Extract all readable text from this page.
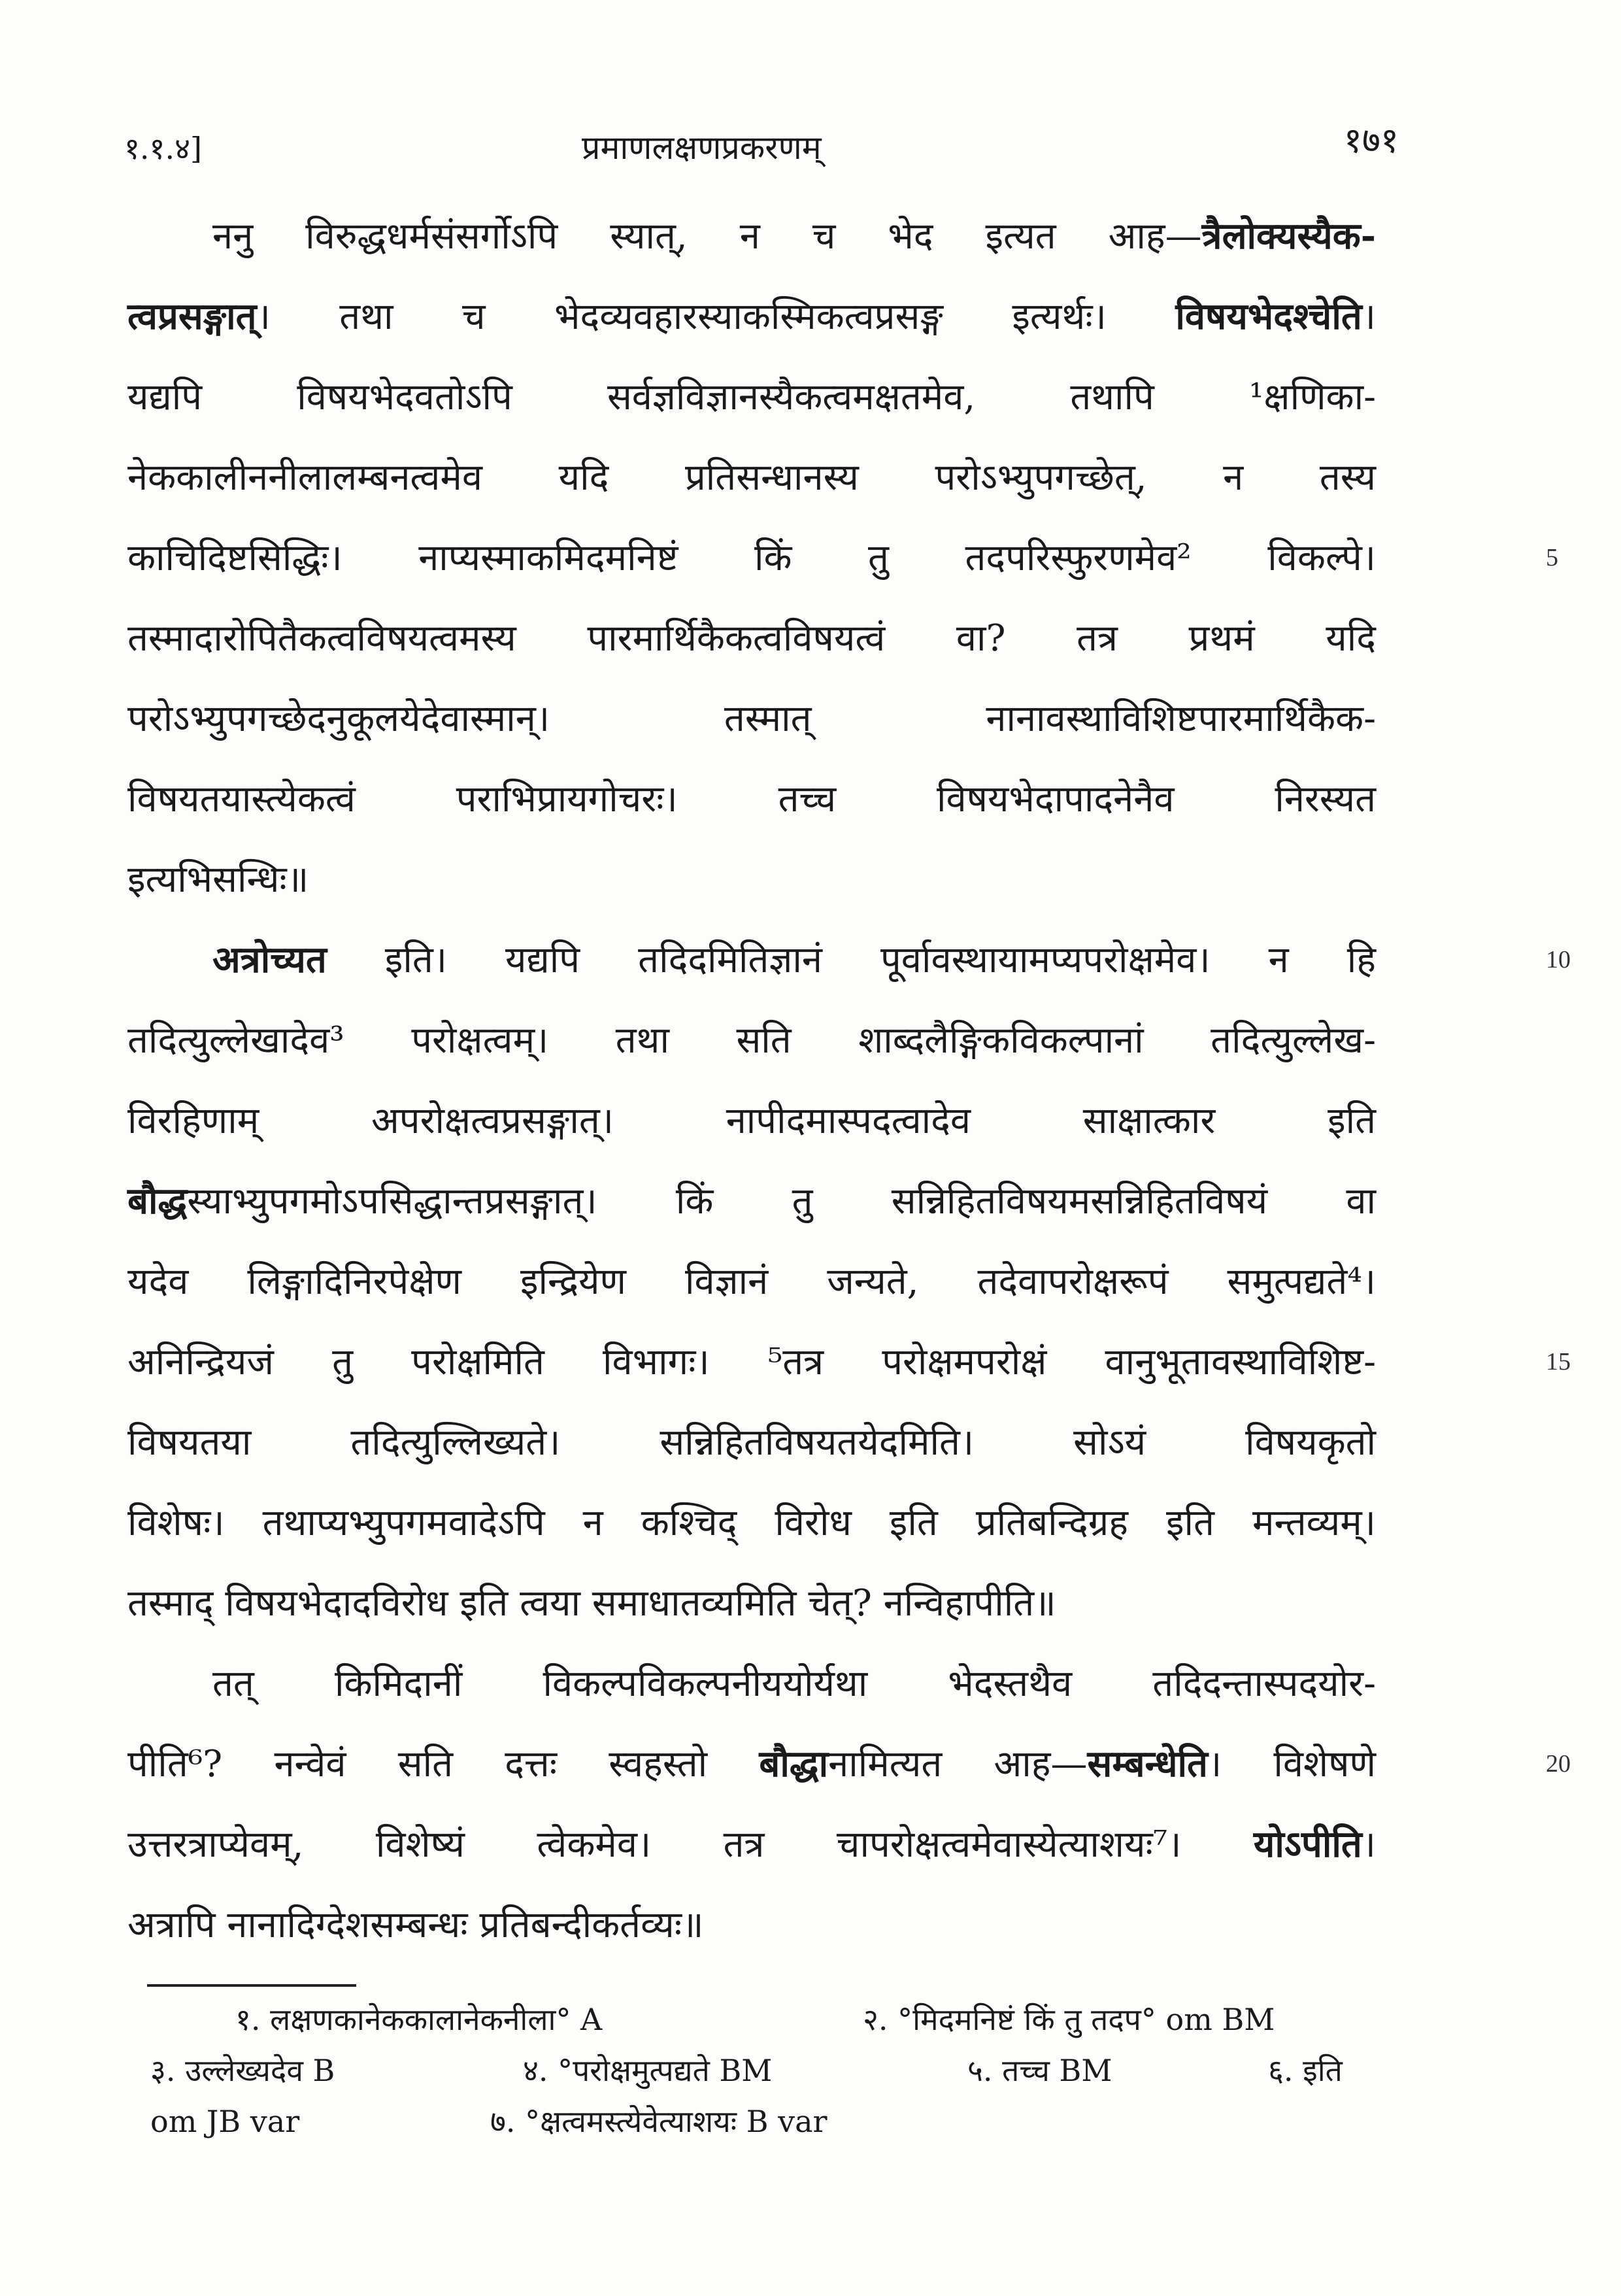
१.१.४]	प्रमाणलक्षणप्रकरणम्	१७१
ननु विरुद्धधर्मसंसर्गोऽपि स्यात्, न च भेद इत्यत आह—त्रैलोक्यस्यैक-
त्वप्रसङ्गात्। तथा च भेदव्यवहारस्याकस्मिकत्वप्रसङ्ग इत्यर्थः। विषयभेदश्चेति।
यद्यपि विषयभेदवतोऽपि सर्वज्ञविज्ञानस्यैकत्वमक्षतमेव, तथापि ¹क्षणिका-
नेककालीननीलालम्बनत्वमेव यदि प्रतिसन्धानस्य परोऽभ्युपगच्छेत्, न तस्य
काचिदिष्टसिद्धिः। नाप्यस्माकमिदमनिष्टं किं तु तदपरिस्फुरणमेव² विकल्पे।	5
तस्मादारोपितैकत्वविषयत्वमस्य पारमार्थिकैकत्वविषयत्वं वा? तत्र प्रथमं यदि
परोऽभ्युपगच्छेदनुकूलयेदेवास्मान्। तस्मात् नानावस्थाविशिष्टपारमार्थिकैक-
विषयतयास्त्येकत्वं पराभिप्रायगोचरः। तच्च विषयभेदापादनेनैव निरस्यत
इत्यभिसन्धिः॥
अत्रोच्यत इति। यद्यपि तदिदमितिज्ञानं पूर्वावस्थायामप्यपरोक्षमेव। न हि	10
तदित्युल्लेखादेव³ परोक्षत्वम्। तथा सति शाब्दलैङ्गिकविकल्पानां तदित्युल्लेख-
विरहिणाम् अपरोक्षत्वप्रसङ्गात्। नापीदमास्पदत्वादेव साक्षात्कार इति
बौद्धस्याभ्युपगमोऽपसिद्धान्तप्रसङ्गात्। किं तु सन्निहितविषयमसन्निहितविषयं वा
यदेव लिङ्गादिनिरपेक्षेण इन्द्रियेण विज्ञानं जन्यते, तदेवापरोक्षरूपं समुत्पद्यते⁴।
अनिन्द्रियजं तु परोक्षमिति विभागः। ⁵तत्र परोक्षमपरोक्षं वानुभूतावस्थाविशिष्ट-	15
विषयतया तदित्युल्लिख्यते। सन्निहितविषयतयेदमिति। सोऽयं विषयकृतो
विशेषः। तथाप्यभ्युपगमवादेऽपि न कश्चिद् विरोध इति प्रतिबन्दिग्रह इति मन्तव्यम्।
तस्माद् विषयभेदादविरोध इति त्वया समाधातव्यमिति चेत्? नन्विहापीति॥
तत् किमिदानीं विकल्पविकल्पनीययोर्यथा भेदस्तथैव तदिदन्तास्पदयोर-
पीति⁶? नन्वेवं सति दत्तः स्वहस्तो बौद्धानामित्यत आह—सम्बन्धेति। विशेषणे	20
उत्तरत्राप्येवम्, विशेष्यं त्वेकमेव। तत्र चापरोक्षत्वमेवास्येत्याशयः⁷। योऽपीति।
अत्रापि नानादिग्देशसम्बन्धः प्रतिबन्दीकर्तव्यः॥
१. लक्षणकानेककालानेकनीला° A	२. °मिदमनिष्टं किं तु तदप° om BM
३. उल्लेख्यदेव B	४. °परोक्षमुत्पद्यते BM	५. तच्च BM	६. इति
om JB var	७. °क्षत्वमस्त्येवेत्याशयः B var
